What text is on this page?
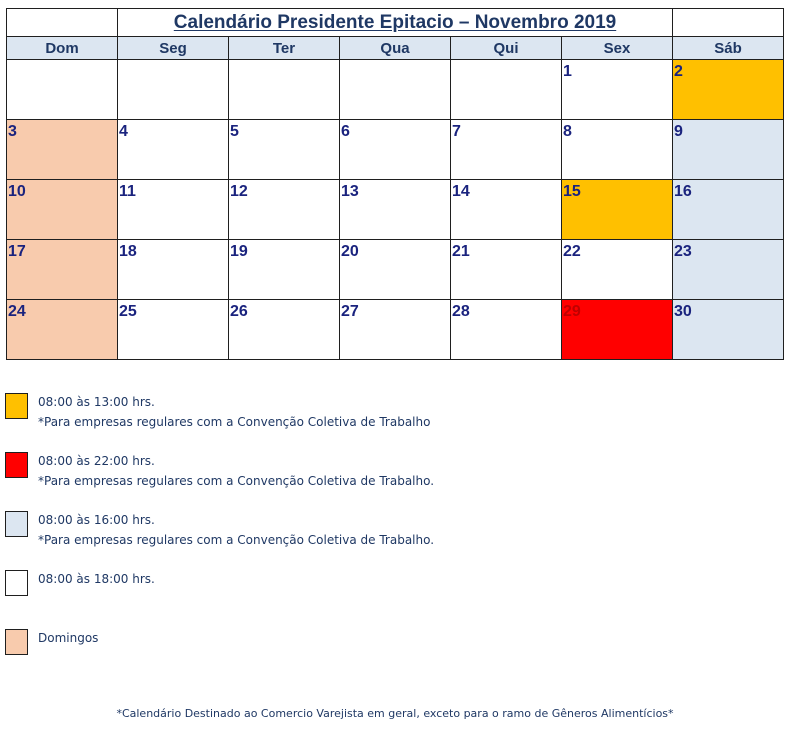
	Calendário Presidente Epitacio – Novembro 2019					
Dom	Seg	Ter	Qua	Qui	Sex	Sáb

					1	2

3	4	5	6	7	8	9

10	11	12	13	14	15	16

17	18	19	20	21	22	23

24	25	26	27	28	29	30
08:00 às 13:00 hrs.
*Para empresas regulares com a Convenção Coletiva de Trabalho
08:00 às 22:00 hrs.
*Para empresas regulares com a Convenção Coletiva de Trabalho.
08:00 às 16:00 hrs.
*Para empresas regulares com a Convenção Coletiva de Trabalho.
08:00 às 18:00 hrs.
Domingos
*Calendário Destinado ao Comercio Varejista em geral, exceto para o ramo de Gêneros Alimentícios*
